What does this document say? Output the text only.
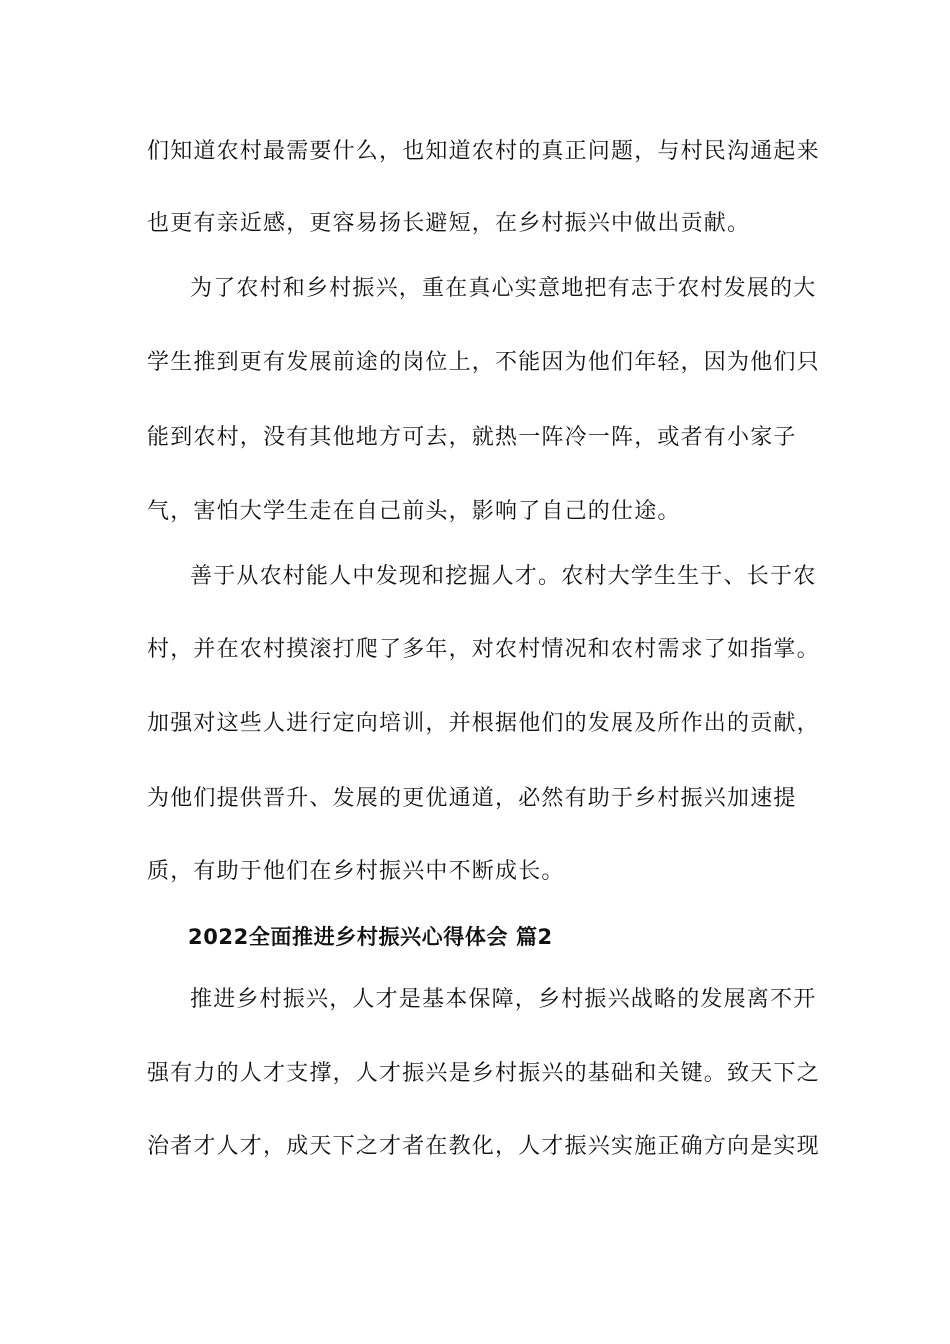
们知道农村最需要什么，也知道农村的真正问题，与村民沟通起来
也更有亲近感，更容易扬长避短，在乡村振兴中做出贡献。
为了农村和乡村振兴，重在真心实意地把有志于农村发展的大
学生推到更有发展前途的岗位上，不能因为他们年轻，因为他们只
能到农村，没有其他地方可去，就热一阵冷一阵，或者有小家子
气，害怕大学生走在自己前头，影响了自己的仕途。
善于从农村能人中发现和挖掘人才。农村大学生生于、长于农
村，并在农村摸滚打爬了多年，对农村情况和农村需求了如指掌。
加强对这些人进行定向培训，并根据他们的发展及所作出的贡献，
为他们提供晋升、发展的更优通道，必然有助于乡村振兴加速提
质，有助于他们在乡村振兴中不断成长。
2022全面推进乡村振兴心得体会 篇2
推进乡村振兴，人才是基本保障，乡村振兴战略的发展离不开
强有力的人才支撑，人才振兴是乡村振兴的基础和关键。致天下之
治者才人才，成天下之才者在教化，人才振兴实施正确方向是实现
